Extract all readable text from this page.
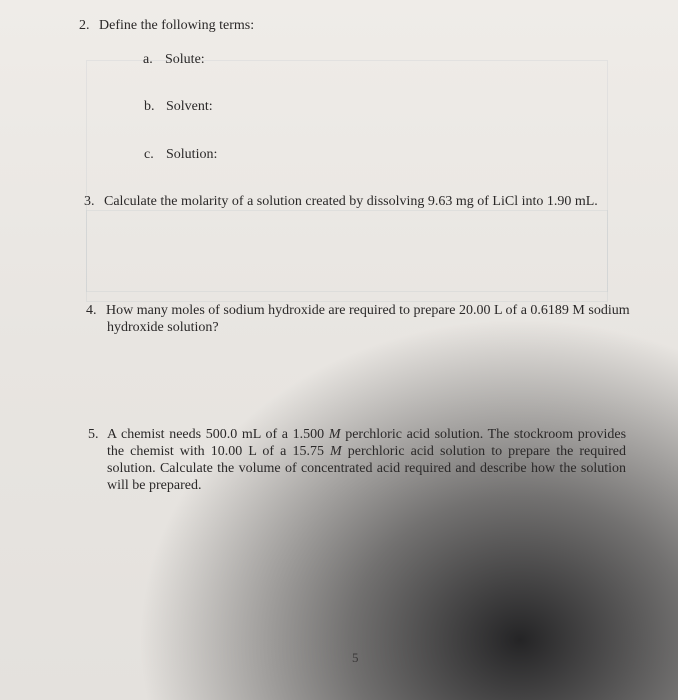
2. Define the following terms:
a. Solute:
b. Solvent:
c. Solution:
3. Calculate the molarity of a solution created by dissolving 9.63 mg of LiCl into 1.90 mL.
4. How many moles of sodium hydroxide are required to prepare 20.00 L of a 0.6189 M sodium
hydroxide solution?
5. A chemist needs 500.0 mL of a 1.500 M perchloric acid solution. The stockroom provides the chemist with 10.00 L of a 15.75 M perchloric acid solution to prepare the required solution. Calculate the volume of concentrated acid required and describe how the solution will be prepared.
5
